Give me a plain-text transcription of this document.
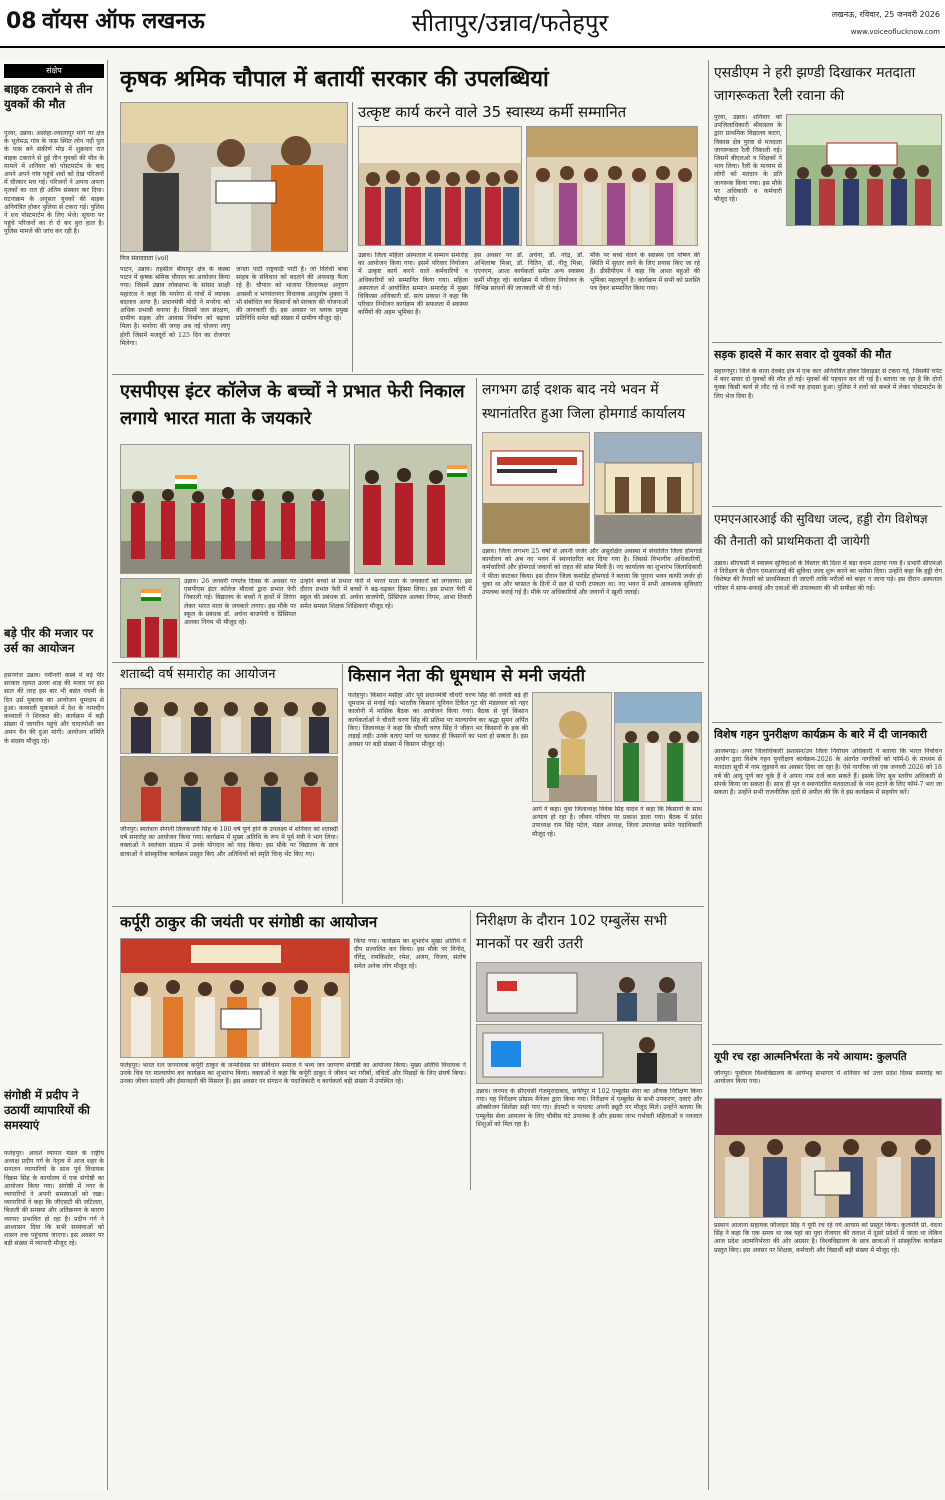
08 वॉयस ऑफ लखनऊ	सीतापुर/उन्नाव/फतेहपुर	लखनऊ, रविवार, 25 जनवरी 2026
www.voiceoflucknow.com
संक्षेप
बाइक टकराने से तीन युवकों की मौत
पुरवा, उन्नाव। असोहा-ज्वालापुर मार्ग पर क्षेत्र के भूलेमऊ गांव के पास स्थित लोन नदी पुल के पास बने संकीर्ण मोड़ में शुक्रवार रात बाइक टकराने से हुई तीन युवकों की मौत के मामले में शनिवार को पोस्टमार्टम के बाद अपने अपने गांव पहुंचे शवों को देख परिजनों में चीत्कार मच गई। परिजनों ने अपना अपना मृतकों का रात ही अंतिम संस्कार कर दिया। घटनाक्रम के अनुसार युवकों की बाइक अनियंत्रित होकर पुलिया से टकरा गई। पुलिस ने शव पोस्टमार्टम के लिए भेजे। सूचना पर पहुंचे परिजनों का रो रो कर बुरा हाल है। पुलिस मामले की जांच कर रही है।
बड़े पीर की मजार पर उर्स का आयोजन
हसनगंज उन्नाव। नवीनगी कस्बे में बड़े पीर सरकार रहमत उल्ला शाह की मजार पर इस साल की तरह इस बार भी बसंत पंचमी के दिन उर्स मुबारक का आयोजन धूमधाम से हुआ। कव्वाली मुकाबले में देश के नामचीन कव्वालों ने शिरकत की। कार्यक्रम में बड़ी संख्या में जायरीन पहुंचे और चादरपोशी कर अमन चैन की दुआ मांगी। आयोजन समिति के सदस्य मौजूद रहे।
संगोष्ठी में प्रदीप ने उठायीं व्यापारियों की समस्याएं
फतेहपुर। आदर्श व्यापार मंडल के राष्ट्रीय अध्यक्ष प्रदीप गर्ग के नेतृत्व में आज शहर के सनातन व्यापारियों के साथ पूर्व विधायक विक्रम सिंह के कार्यालय में एक संगोष्ठी का आयोजन किया गया। संगोष्ठी में नगर के व्यापारियों ने अपनी समस्याओं को रखा। व्यापारियों ने कहा कि जीएसटी की जटिलता, बिजली की समस्या और अतिक्रमण के कारण व्यापार प्रभावित हो रहा है। प्रदीप गर्ग ने आश्वासन दिया कि सभी समस्याओं को शासन तक पहुंचाया जाएगा। इस अवसर पर बड़ी संख्या में व्यापारी मौजूद रहे।
कृषक श्रमिक चौपाल में बतायीं सरकार की उपलब्धियां
निज संवाददाता (vol)
पाटन, उन्नाव। तहसील बीघापुर क्षेत्र के कस्बा पाटन में कृषक श्रमिक चौपाल का आयोजन किया गया। जिसमें उन्नाव लोकसभा के सांसद साक्षी महाराज ने कहा कि मनरेगा से गांवों में व्यापक बदलाव आया है। प्रधानमंत्री मोदी ने मनरेगा को अधिक प्रभावी बनाया है। जिसमें जल संरक्षण, ग्रामीण सड़क और आवास निर्माण को बढ़ावा मिला है। मनरेगा की जगह अब नई योजना लागू होगी जिसमें मजदूरों को 125 दिन का रोजगार मिलेगा।
जनता पार्टी राष्ट्रवादी पार्टी है। जो विरोधी बाबा साहब के संविधान को बदलने की अफवाह फैला रहे हैं। चौपाल को भाजपा जिलाध्यक्ष अनुराग अवस्थी व भगवंतनगर विधायक आशुतोष शुक्ला ने भी संबोधित कर किसानों को सरकार की योजनाओं की जानकारी दी। इस अवसर पर ब्लाक प्रमुख प्रतिनिधि समेत बड़ी संख्या में ग्रामीण मौजूद रहे।
उत्कृष्ट कार्य करने वाले 35 स्वास्थ्य कर्मी सम्मानित
उन्नाव। जिला महिला अस्पताल में सम्मान समारोह का आयोजन किया गया। इसमें परिवार नियोजन में उत्कृष्ट कार्य करने वाले कर्मचारियों व अधिकारियों को सम्मानित किया गया। महिला अस्पताल में आयोजित सम्मान समारोह में मुख्य चिकित्सा अधिकारी डॉ. सत्य प्रकाश ने कहा कि परिवार नियोजन कार्यक्रम की सफलता में स्वास्थ्य कर्मियों की अहम भूमिका है।
इस अवसर पर डॉ. अर्चना, डॉ. नरेंद्र, डॉ. अभिलाषा मिश्रा, डॉ. नितिन, डॉ. नीतू मिश्रा, एएनएम, आशा कार्यकर्ता समेत अन्य स्वास्थ्य कर्मी मौजूद रहे। कार्यक्रम में परिवार नियोजन के विभिन्न साधनों की जानकारी भी दी गई।
मौके पर बच्चे वेलने के स्वास्थ्य एवं पोषण की स्थिति में सुधार लाने के लिए प्रयास किए जा रहे हैं। डीसीपीएम ने कहा कि आशा बहुओं की भूमिका महत्वपूर्ण है। कार्यक्रम में सभी को प्रशस्ति पत्र देकर सम्मानित किया गया।
एसपीएस इंटर कॉलेज के बच्चों ने प्रभात फेरी निकाल लगाये भारत माता के जयकारे
उन्नाव। 26 जनवरी गणतंत्र दिवस के अवसर पर एसपीएस इंटर कॉलेज मौरावां द्वारा प्रभात फेरी निकाली गई। विद्यालय के बच्चों ने हाथों में तिरंगा लेकर भारत माता के जयकारे लगाए। इस मौके पर स्कूल के प्रबंधक डॉ. अर्चना बाजपेयी व प्रिंसिपल अलका निगम भी मौजूद रहे।
उन्होंने बच्चों से प्रभात फेरी में भारत माता के जयकारों को लगवाया। इस दौरान प्रभात फेरी में बच्चों ने बढ़-चढ़कर हिस्सा लिया। इस प्रभात फेरी में स्कूल की प्रबंधक डॉ. अर्चना वाजपेयी, प्रिंसिपल अलका निगम, आभा तिवारी समेत समस्त शिक्षक शिक्षिकाएं मौजूद रहे।
लगभग ढाई दशक बाद नये भवन में स्थानांतरित हुआ जिला होमगार्ड कार्यालय
उन्नाव। जिला लगभग 25 वर्षों से अपनी जर्जर और असुरक्षित अवस्था में संचालित जिला होमगार्ड कार्यालय को अब नए भवन में स्थानांतरित कर दिया गया है। जिससे विभागीय अधिकारियों, कर्मचारियों और होमगार्ड जवानों को राहत की सांस मिली है। नए कार्यालय का शुभारंभ जिलाधिकारी ने फीता काटकर किया। इस दौरान जिला कमांडेंट होमगार्ड ने बताया कि पुराना भवन काफी जर्जर हो चुका था और बरसात के दिनों में छत से पानी टपकता था। नए भवन में सभी आवश्यक सुविधाएं उपलब्ध कराई गई हैं। मौके पर अधिकारियों और जवानों ने खुशी जताई।
शताब्दी वर्ष समारोह का आयोजन
जौनपुर। स्वतंत्रता सेनानी तिलकधारी सिंह के 100 वर्ष पूर्ण होने के उपलक्ष्य में शनिवार को शताब्दी वर्ष समारोह का आयोजन किया गया। कार्यक्रम में मुख्य अतिथि के रूप में पूर्व मंत्री ने भाग लिया। वक्ताओं ने स्वतंत्रता संग्राम में उनके योगदान को याद किया। इस मौके पर विद्यालय के छात्र छात्राओं ने सांस्कृतिक कार्यक्रम प्रस्तुत किए और अतिथियों को स्मृति चिन्ह भेंट किए गए।
किसान नेता की धूमधाम से मनी जयंती
फतेहपुर। किसान मसीहा और पूर्व प्रधानमंत्री चौधरी चरण सिंह की जयंती बड़े ही धूमधाम से मनाई गई। भारतीय किसान यूनियन टिकैत गुट की मंडलवार को नहर कालोनी में मासिक बैठक का आयोजन किया गया। बैठक से पूर्व किसान कार्यकर्ताओं ने चौधरी चरण सिंह की प्रतिमा पर माल्यार्पण कर श्रद्धा सुमन अर्पित किए। जिलाध्यक्ष ने कहा कि चौधरी चरण सिंह ने जीवन भर किसानों के हक की लड़ाई लड़ी। उनके बताए मार्ग पर चलकर ही किसानों का भला हो सकता है। इस अवसर पर बड़ी संख्या में किसान मौजूद रहे।
आगे ने कहा। युवा जिलाध्यक्ष विवेक सिंह यादव ने कहा कि किसानों के साथ अन्याय हो रहा है। जीवन परिचय पर प्रकाश डाला गया। बैठक में प्रदेश उपाध्यक्ष राम सिंह पटेल, मंडल अध्यक्ष, जिला उपाध्यक्ष समेत पदाधिकारी मौजूद रहे।
कर्पूरी ठाकुर की जयंती पर संगोष्ठी का आयोजन
किया गया। कार्यक्रम का शुभारंभ मुख्य अतिथि ने दीप प्रज्वलित कर किया। इस मौके पर विनोद, वीरेंद्र, रामकिशोर, रमेश, अजय, विजय, संतोष समेत अनेक लोग मौजूद रहे।
फतेहपुर। भारत रत्न जननायक कर्पूरी ठाकुर के जन्मदिवस पर संविधान समाज ने भव्य जन जागरण संगोष्ठी का आयोजन किया। मुख्य अतिथि विधायक ने उनके चित्र पर माल्यार्पण कर कार्यक्रम का शुभारंभ किया। वक्ताओं ने कहा कि कर्पूरी ठाकुर ने जीवन भर गरीबों, वंचितों और पिछड़ों के लिए संघर्ष किया। उनका जीवन सादगी और ईमानदारी की मिसाल है। इस अवसर पर संगठन के पदाधिकारी व कार्यकर्ता बड़ी संख्या में उपस्थित रहे।
निरीक्षण के दौरान 102 एम्बुलेंस सभी मानकों पर खरी उतरी
उन्नाव। जनपद के सीएचसी गंजमुरादाबाद, सफीपुर में 102 एम्बुलेंस सेवा का औचक निरीक्षण किया गया। यह निरीक्षण प्रोग्राम मैनेजर द्वारा किया गया। निरीक्षण में एम्बुलेंस के सभी उपकरण, दवाएं और ऑक्सीजन सिलेंडर सही पाए गए। ईएमटी व पायलट अपनी ड्यूटी पर मौजूद मिले। उन्होंने बताया कि एम्बुलेंस सेवा आमजन के लिए चौबीस घंटे उपलब्ध है और इसका लाभ गर्भवती महिलाओं व नवजात शिशुओं को मिल रहा है।
एसडीएम ने हरी झण्डी दिखाकर मतदाता जागरूकता रैली रवाना की
पुरवा, उन्नाव। शनिवार को उपजिलाधिकारी श्रीवास्तव के द्वारा प्राथमिक विद्यालय कटरा, विकास क्षेत्र पुरवा से मतदाता जागरूकता रैली निकाली गई। जिसमें बीएलओ व शिक्षकों ने भाग लिया। रैली के माध्यम से लोगों को मतदान के प्रति जागरूक किया गया। इस मौके पर अधिकारी व कर्मचारी मौजूद रहे।
सड़क हादसे में कार सवार दो युवकों की मौत
सहारनपुर। जिले के थाना देवबंद क्षेत्र में एक कार अनियंत्रित होकर डिवाइडर से टकरा गई, जिसकी चपेट में कार सवार दो युवकों की मौत हो गई। मृतकों की पहचान कर ली गई है। बताया जा रहा है कि दोनों युवक किसी कार्य से लौट रहे थे तभी यह हादसा हुआ। पुलिस ने शवों को कब्जे में लेकर पोस्टमार्टम के लिए भेज दिया है।
एमएनआरआई की सुविधा जल्द, हड्डी रोग विशेषज्ञ की तैनाती को प्राथमिकता दी जायेगी
उन्नाव। सीएचसी में स्वास्थ्य सुविधाओं के विस्तार की दिशा में बड़ा कदम उठाया गया है। प्रभारी सीएमओ ने निरीक्षण के दौरान एमआरआई की सुविधा जल्द शुरू करने का भरोसा दिया। उन्होंने कहा कि हड्डी रोग विशेषज्ञ की तैनाती को प्राथमिकता दी जाएगी ताकि मरीजों को बाहर न जाना पड़े। इस दौरान अस्पताल परिसर में साफ-सफाई और दवाओं की उपलब्धता की भी समीक्षा की गई।
विशेष गहन पुनरीक्षण कार्यक्रम के बारे में दी जानकारी
आजमगढ़। अपर जिलाधिकारी प्रशासन/उप जिला निर्वाचन अधिकारी ने बताया कि भारत निर्वाचन आयोग द्वारा विशेष गहन पुनरीक्षण कार्यक्रम-2026 के अंतर्गत नागरिकों को फॉर्म-6 के माध्यम से मतदाता सूची में नाम जुड़वाने का अवसर दिया जा रहा है। ऐसे नागरिक जो एक जनवरी 2026 को 18 वर्ष की आयु पूर्ण कर चुके हैं वे अपना नाम दर्ज करा सकते हैं। इसके लिए बूथ स्तरीय अधिकारी से संपर्क किया जा सकता है। साथ ही मृत व स्थानांतरित मतदाताओं के नाम हटाने के लिए फॉर्म-7 भरा जा सकता है। उन्होंने सभी राजनीतिक दलों से अपील की कि वे इस कार्यक्रम में सहयोग करें।
यूपी रच रहा आत्मनिर्भरता के नये आयाम: कुलपति
जौनपुर। पूर्वांचल विश्वविद्यालय के आर्यभट्ट सभागार में शनिवार को उत्तर प्रदेश दिवस समारोह का आयोजन किया गया।
प्रस्थान आलाना सहायक फौजदार सिंह ने यूपी रच रहे नये आयाम को प्रस्तुत किया। कुलपति प्रो. वंदना सिंह ने कहा कि एक समय था जब यहां का युवा रोजगार की तलाश में दूसरे प्रदेशों में जाता था लेकिन आज प्रदेश आत्मनिर्भरता की ओर अग्रसर है। विश्वविद्यालय के छात्र छात्राओं ने सांस्कृतिक कार्यक्रम प्रस्तुत किए। इस अवसर पर शिक्षक, कर्मचारी और विद्यार्थी बड़ी संख्या में मौजूद रहे।
